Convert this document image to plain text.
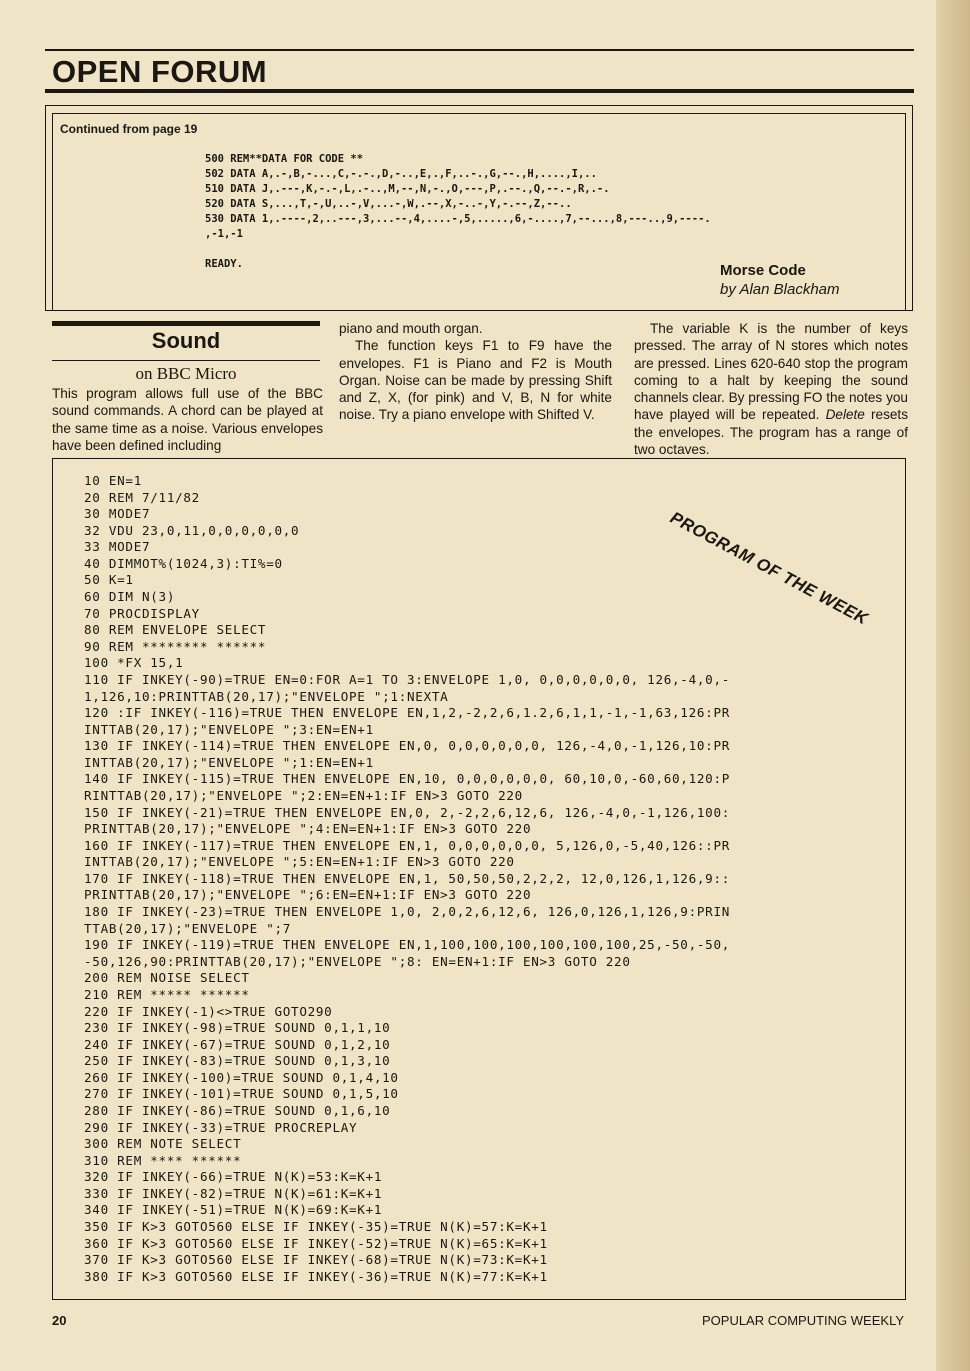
OPEN FORUM
Continued from page 19
500 REM**DATA FOR CODE **
502 DATA A,.-,B,-...,C,-.-.,D,-..,E,.,F,..-.,G,--.,H,....,I,..
510 DATA J,.---,K,-.-,L,.-..,M,--,N,-.,O,---,P,.--.,Q,--.-,R,.-.
520 DATA S,...,T,-,U,..-,V,...-,W,.--,X,-..-,Y,-.--,Z,--..
530 DATA 1,.----,2,..---,3,...--,4,....-,5,.....,6,-....,7,--...,8,---..,9,----.
,-1,-1

READY.	Morse Code
by Alan Blackham
Sound
on BBC Micro

This program allows full use of the BBC sound commands. A chord can be played at the same time as a noise. Various envelopes have been defined including

piano and mouth organ.

The function keys F1 to F9 have the envelopes. F1 is Piano and F2 is Mouth Organ. Noise can be made by pressing Shift and Z, X, (for pink) and V, B, N for white noise. Try a piano envelope with Shifted V.

The variable K is the number of keys pressed. The array of N stores which notes are pressed. Lines 620-640 stop the program coming to a halt by keeping the sound channels clear. By pressing FO the notes you have played will be repeated. Delete resets the envelopes. The program has a range of two octaves.

PROGRAM OF THE WEEK
10 EN=1
20 REM 7/11/82
30 MODE7
32 VDU 23,0,11,0,0,0,0,0,0
33 MODE7
40 DIMMOT%(1024,3):TI%=0
50 K=1
60 DIM N(3)
70 PROCDISPLAY
80 REM ENVELOPE SELECT
90 REM ******** ******
100 *FX 15,1
110 IF INKEY(-90)=TRUE EN=0:FOR A=1 TO 3:ENVELOPE 1,0, 0,0,0,0,0,0, 126,-4,0,-
1,126,10:PRINTTAB(20,17);"ENVELOPE ";1:NEXTA
120 :IF INKEY(-116)=TRUE THEN ENVELOPE EN,1,2,-2,2,6,1.2,6,1,1,-1,-1,63,126:PR
INTTAB(20,17);"ENVELOPE ";3:EN=EN+1
130 IF INKEY(-114)=TRUE THEN ENVELOPE EN,0, 0,0,0,0,0,0, 126,-4,0,-1,126,10:PR
INTTAB(20,17);"ENVELOPE ";1:EN=EN+1
140 IF INKEY(-115)=TRUE THEN ENVELOPE EN,10, 0,0,0,0,0,0, 60,10,0,-60,60,120:P
RINTTAB(20,17);"ENVELOPE ";2:EN=EN+1:IF EN>3 GOTO 220
150 IF INKEY(-21)=TRUE THEN ENVELOPE EN,0, 2,-2,2,6,12,6, 126,-4,0,-1,126,100:
PRINTTAB(20,17);"ENVELOPE ";4:EN=EN+1:IF EN>3 GOTO 220
160 IF INKEY(-117)=TRUE THEN ENVELOPE EN,1, 0,0,0,0,0,0, 5,126,0,-5,40,126::PR
INTTAB(20,17);"ENVELOPE ";5:EN=EN+1:IF EN>3 GOTO 220
170 IF INKEY(-118)=TRUE THEN ENVELOPE EN,1, 50,50,50,2,2,2, 12,0,126,1,126,9::
PRINTTAB(20,17);"ENVELOPE ";6:EN=EN+1:IF EN>3 GOTO 220
180 IF INKEY(-23)=TRUE THEN ENVELOPE 1,0, 2,0,2,6,12,6, 126,0,126,1,126,9:PRIN
TTAB(20,17);"ENVELOPE ";7
190 IF INKEY(-119)=TRUE THEN ENVELOPE EN,1,100,100,100,100,100,100,25,-50,-50,
-50,126,90:PRINTTAB(20,17);"ENVELOPE ";8: EN=EN+1:IF EN>3 GOTO 220
200 REM NOISE SELECT
210 REM ***** ******
220 IF INKEY(-1)<>TRUE GOTO290
230 IF INKEY(-98)=TRUE SOUND 0,1,1,10
240 IF INKEY(-67)=TRUE SOUND 0,1,2,10
250 IF INKEY(-83)=TRUE SOUND 0,1,3,10
260 IF INKEY(-100)=TRUE SOUND 0,1,4,10
270 IF INKEY(-101)=TRUE SOUND 0,1,5,10
280 IF INKEY(-86)=TRUE SOUND 0,1,6,10
290 IF INKEY(-33)=TRUE PROCREPLAY
300 REM NOTE SELECT
310 REM **** ******
320 IF INKEY(-66)=TRUE N(K)=53:K=K+1
330 IF INKEY(-82)=TRUE N(K)=61:K=K+1
340 IF INKEY(-51)=TRUE N(K)=69:K=K+1
350 IF K>3 GOTO560 ELSE IF INKEY(-35)=TRUE N(K)=57:K=K+1
360 IF K>3 GOTO560 ELSE IF INKEY(-52)=TRUE N(K)=65:K=K+1
370 IF K>3 GOTO560 ELSE IF INKEY(-68)=TRUE N(K)=73:K=K+1
380 IF K>3 GOTO560 ELSE IF INKEY(-36)=TRUE N(K)=77:K=K+1
20	POPULAR COMPUTING WEEKLY
